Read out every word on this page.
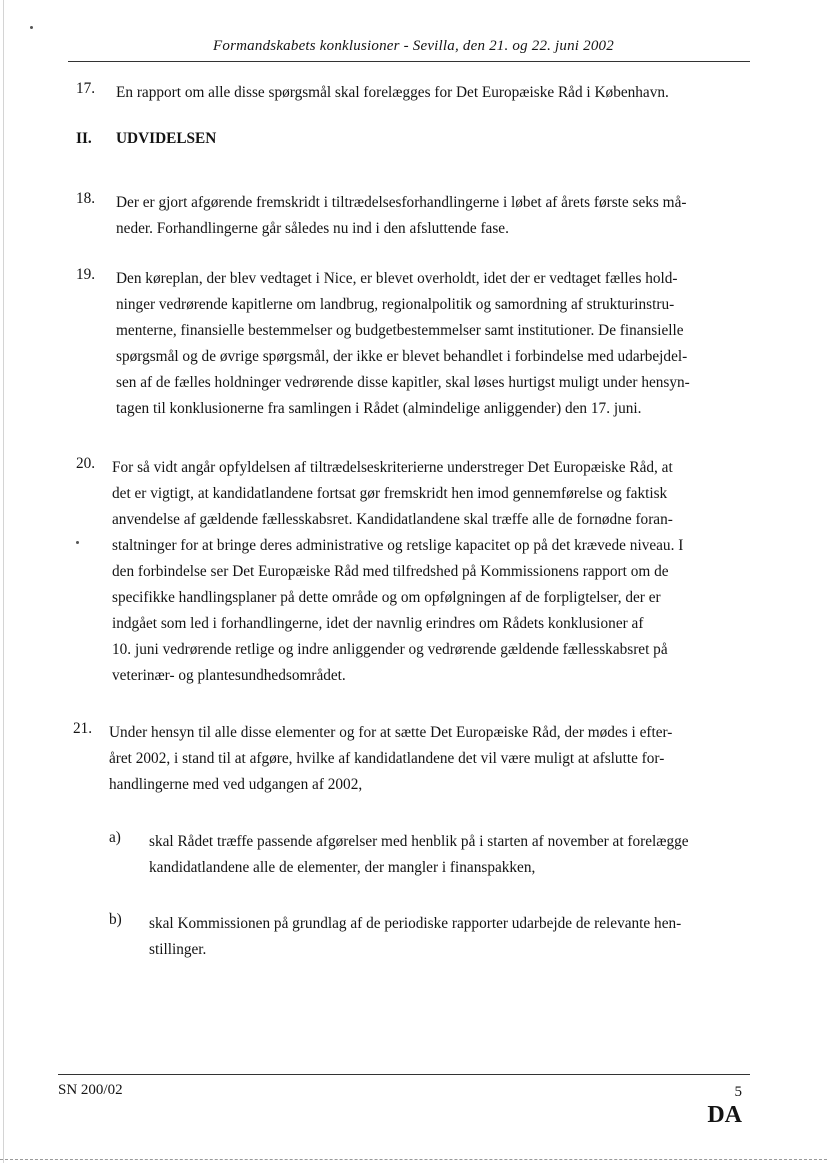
Formandskabets konklusioner - Sevilla, den 21. og 22. juni 2002
17. En rapport om alle disse spørgsmål skal forelægges for Det Europæiske Råd i København.
II. UDVIDELSEN
18. Der er gjort afgørende fremskridt i tiltrædelsesforhandlingerne i løbet af årets første seks må-
neder. Forhandlingerne går således nu ind i den afsluttende fase.
19. Den køreplan, der blev vedtaget i Nice, er blevet overholdt, idet der er vedtaget fælles hold-
ninger vedrørende kapitlerne om landbrug, regionalpolitik og samordning af strukturinstru-
menterne, finansielle bestemmelser og budgetbestemmelser samt institutioner. De finansielle
spørgsmål og de øvrige spørgsmål, der ikke er blevet behandlet i forbindelse med udarbejdel-
sen af de fælles holdninger vedrørende disse kapitler, skal løses hurtigst muligt under hensyn-
tagen til konklusionerne fra samlingen i Rådet (almindelige anliggender) den 17. juni.
20. For så vidt angår opfyldelsen af tiltrædelseskriterierne understreger Det Europæiske Råd, at
det er vigtigt, at kandidatlandene fortsat gør fremskridt hen imod gennemførelse og faktisk
anvendelse af gældende fællesskabsret. Kandidatlandene skal træffe alle de fornødne foran-
staltninger for at bringe deres administrative og retslige kapacitet op på det krævede niveau. I
den forbindelse ser Det Europæiske Råd med tilfredshed på Kommissionens rapport om de
specifikke handlingsplaner på dette område og om opfølgningen af de forpligtelser, der er
indgået som led i forhandlingerne, idet der navnlig erindres om Rådets konklusioner af
10. juni vedrørende retlige og indre anliggender og vedrørende gældende fællesskabsret på
veterinær- og plantesundhedsområdet.
21. Under hensyn til alle disse elementer og for at sætte Det Europæiske Råd, der mødes i efter-
året 2002, i stand til at afgøre, hvilke af kandidatlandene det vil være muligt at afslutte for-
handlingerne med ved udgangen af 2002,
a) skal Rådet træffe passende afgørelser med henblik på i starten af november at forelægge
kandidatlandene alle de elementer, der mangler i finanspakken,
b) skal Kommissionen på grundlag af de periodiske rapporter udarbejde de relevante hen-
stillinger.
SN 200/02	5
DA
